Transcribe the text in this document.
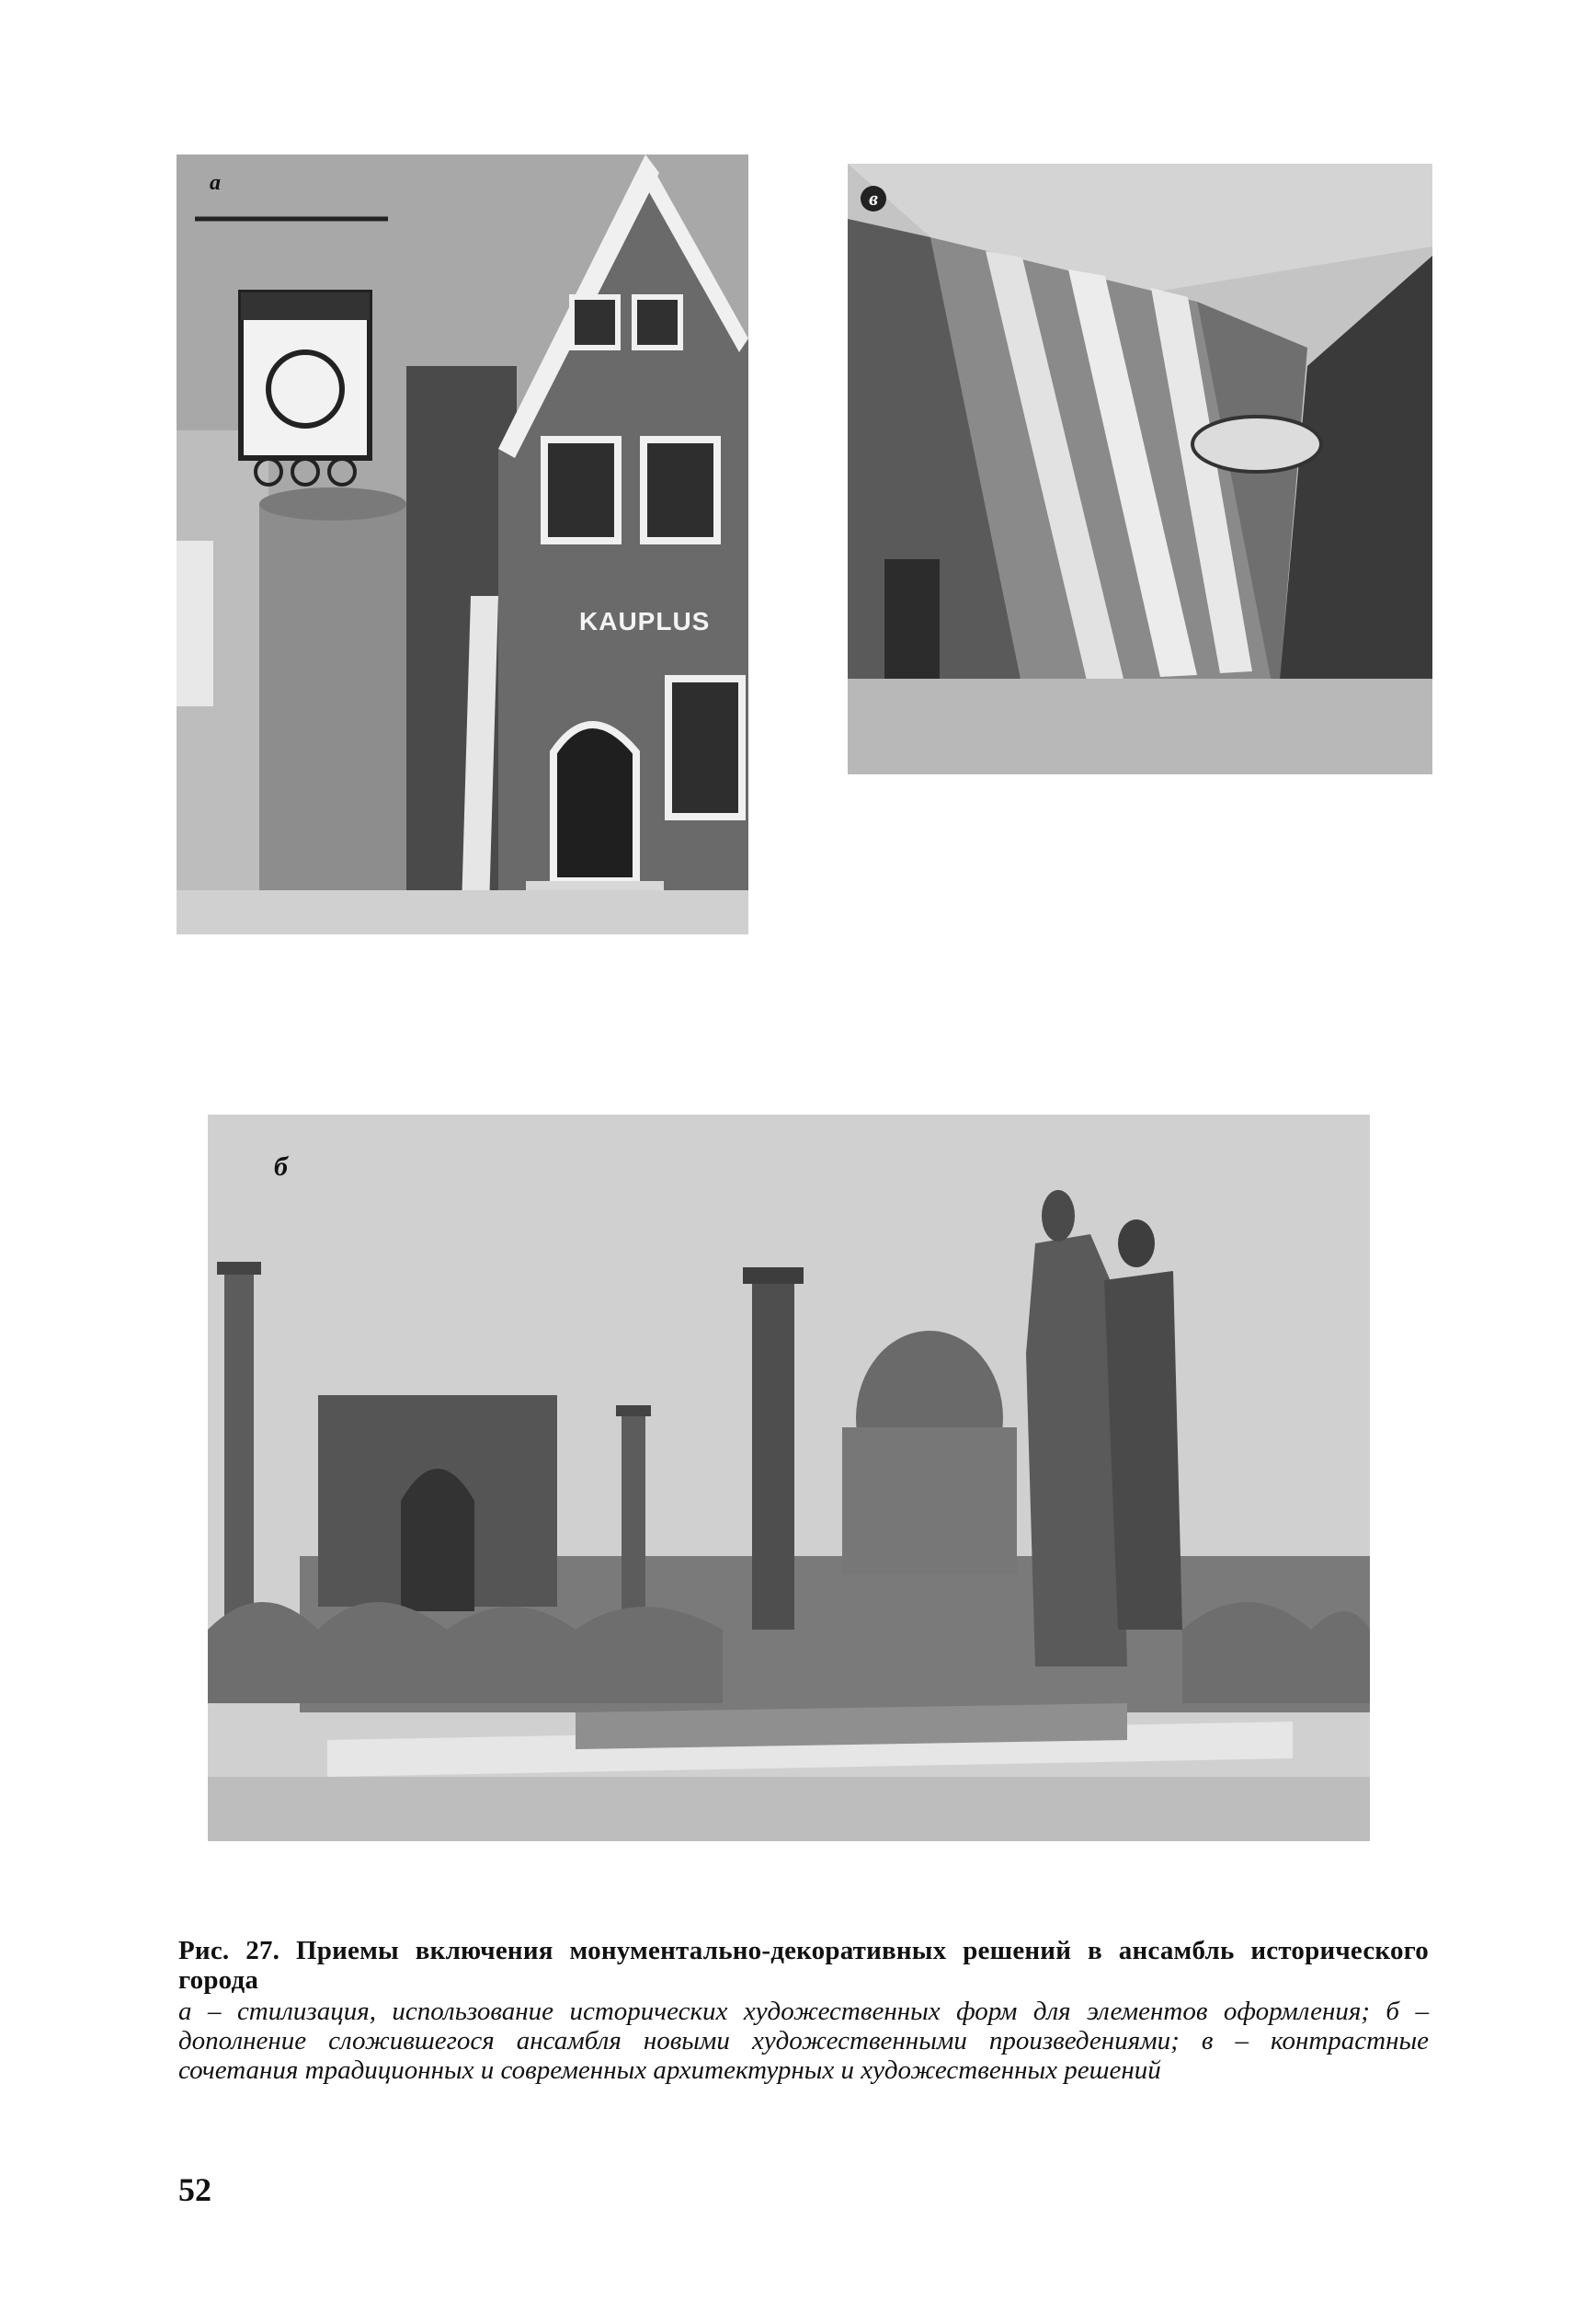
а
KAUPLUS
в
б
Рис. 27. Приемы включения монументально-декоративных решений в ансамбль исторического города
а – стилизация, использование исторических художественных форм для элементов оформления; б – дополнение сложившегося ансамбля новыми художественными произведениями; в – контрастные сочетания традиционных и современных архитектурных и художественных решений
52
